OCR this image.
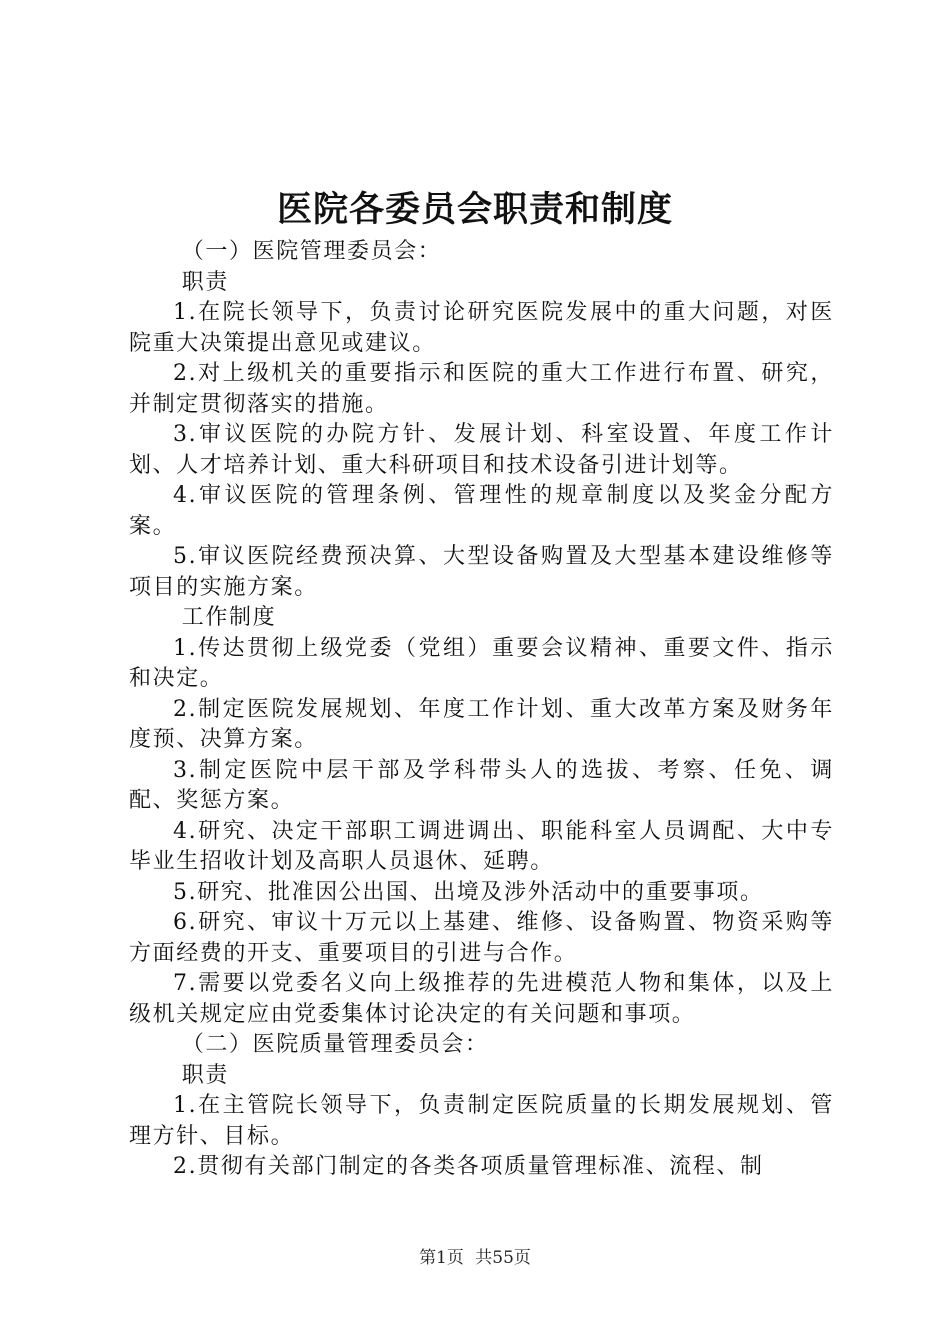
医院各委员会职责和制度

（一）医院管理委员会：

职责

1.在院长领导下，负责讨论研究医院发展中的重大问题，对医院重大决策提出意见或建议。

2.对上级机关的重要指示和医院的重大工作进行布置、研究，并制定贯彻落实的措施。

3.审议医院的办院方针、发展计划、科室设置、年度工作计划、人才培养计划、重大科研项目和技术设备引进计划等。

4.审议医院的管理条例、管理性的规章制度以及奖金分配方案。

5.审议医院经费预决算、大型设备购置及大型基本建设维修等项目的实施方案。

工作制度

1.传达贯彻上级党委（党组）重要会议精神、重要文件、指示和决定。

2.制定医院发展规划、年度工作计划、重大改革方案及财务年度预、决算方案。

3.制定医院中层干部及学科带头人的选拔、考察、任免、调配、奖惩方案。

4.研究、决定干部职工调进调出、职能科室人员调配、大中专毕业生招收计划及高职人员退休、延聘。

5.研究、批准因公出国、出境及涉外活动中的重要事项。

6.研究、审议十万元以上基建、维修、设备购置、物资采购等方面经费的开支、重要项目的引进与合作。

7.需要以党委名义向上级推荐的先进模范人物和集体，以及上级机关规定应由党委集体讨论决定的有关问题和事项。

（二）医院质量管理委员会：

职责

1.在主管院长领导下，负责制定医院质量的长期发展规划、管理方针、目标。

2.贯彻有关部门制定的各类各项质量管理标准、流程、制

第1页 共55页
